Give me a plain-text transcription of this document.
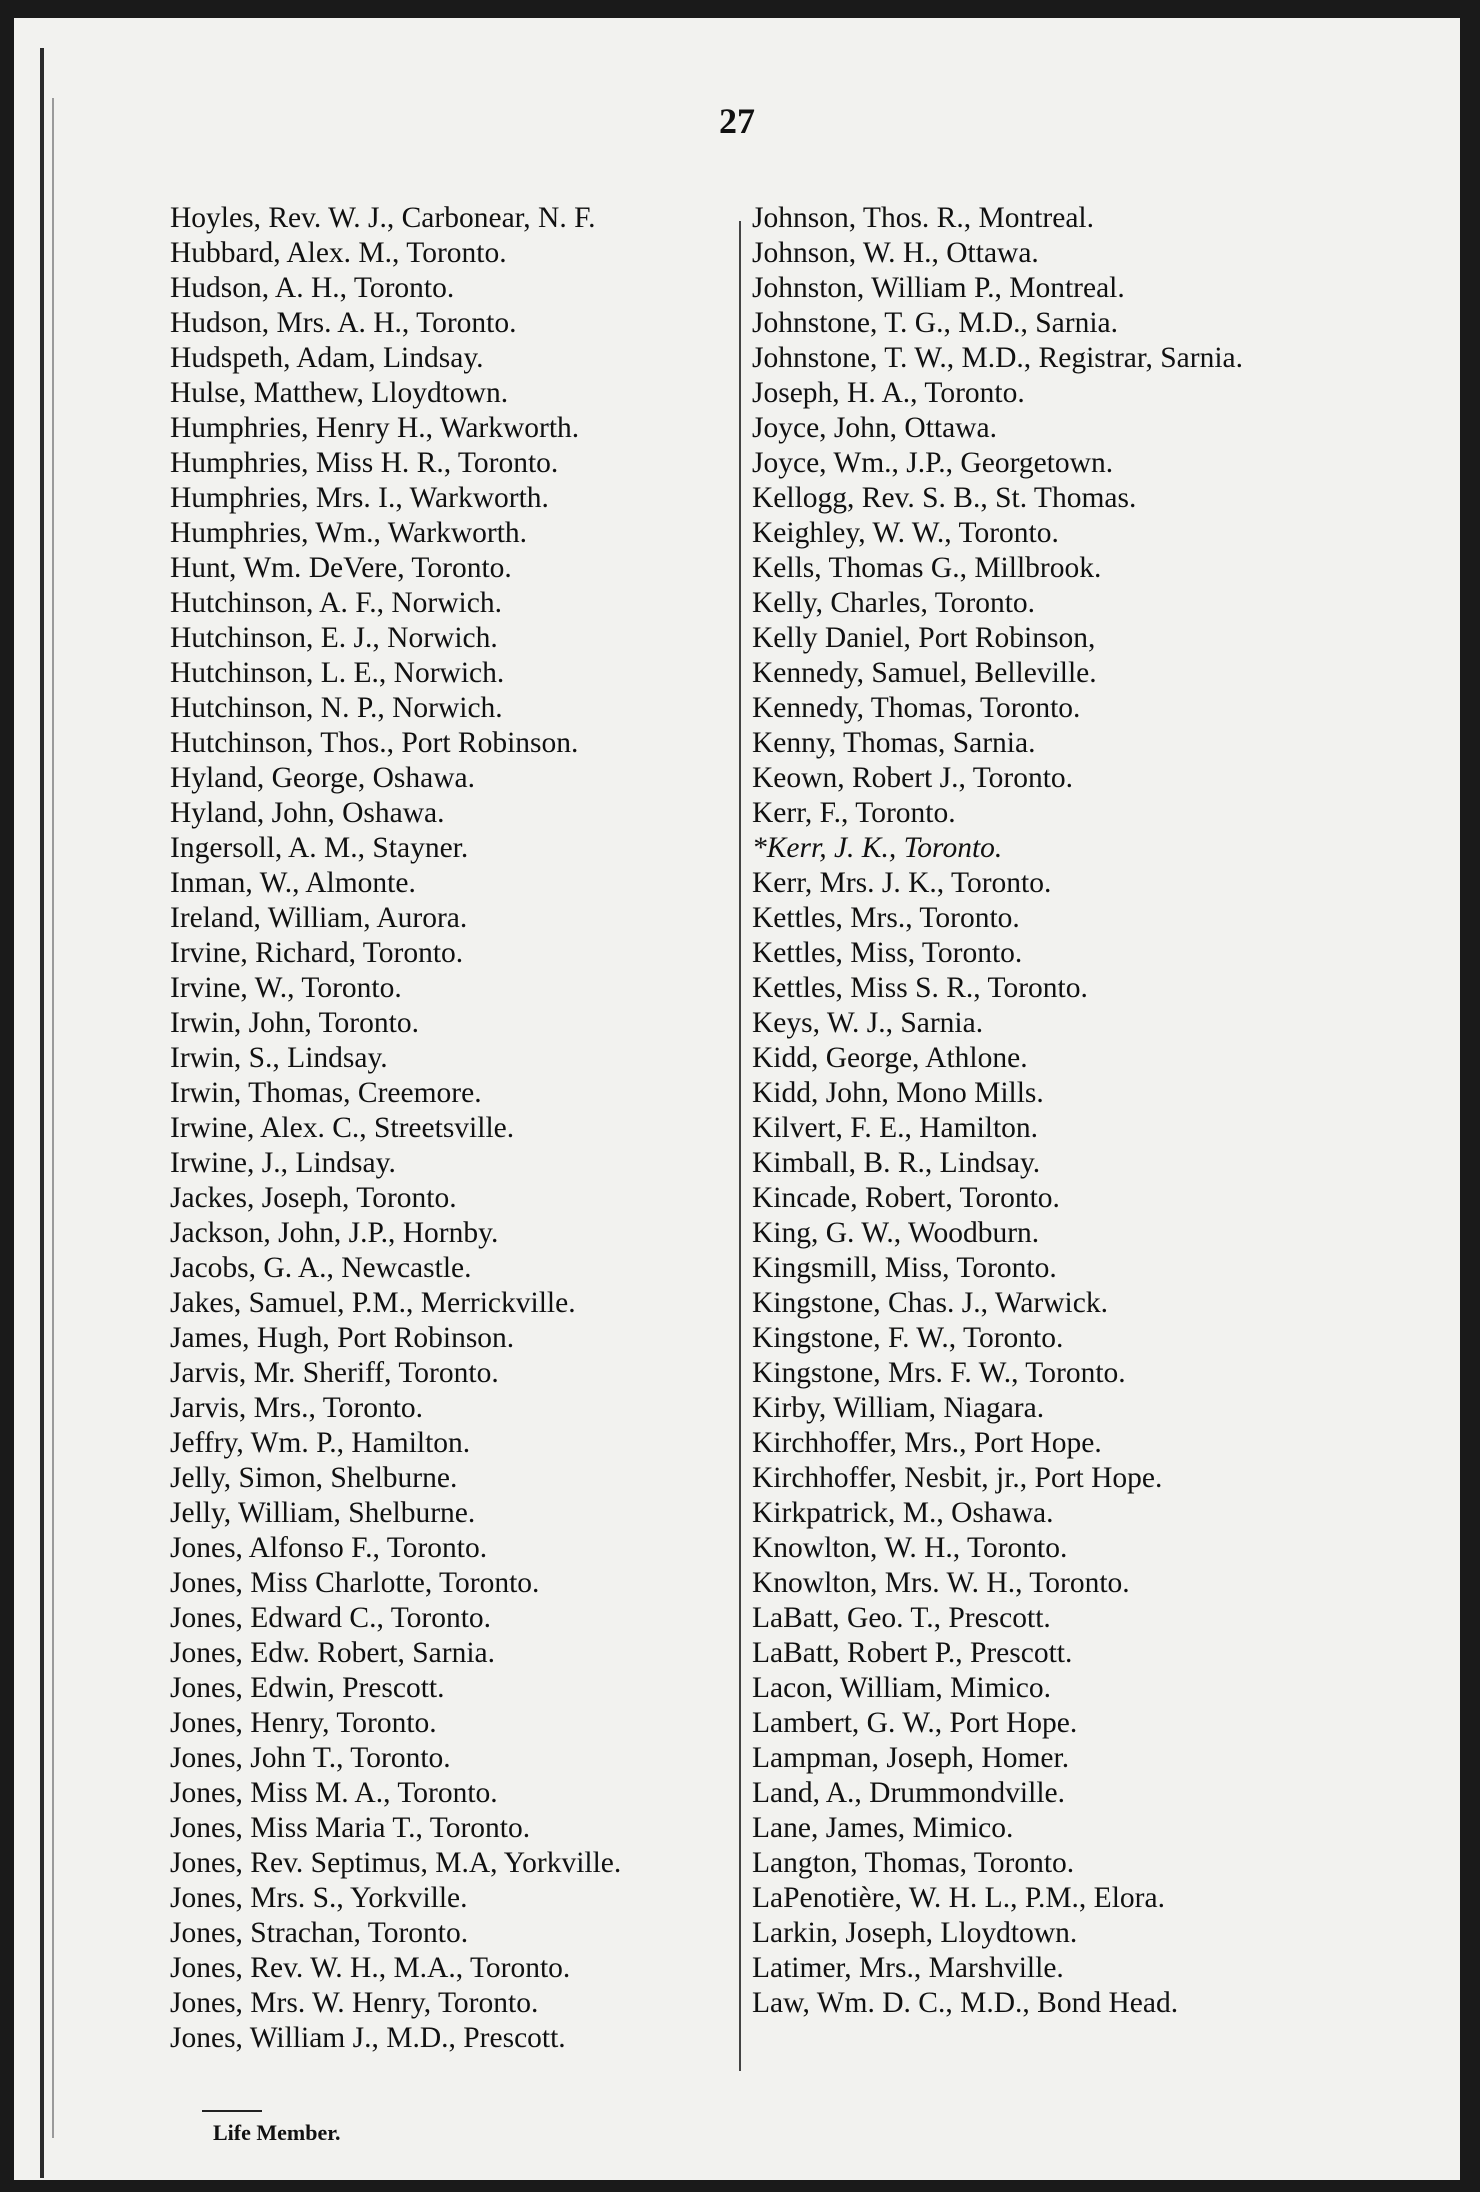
27
Hoyles, Rev. W. J., Carbonear, N. F.
Hubbard, Alex. M., Toronto.
Hudson, A. H., Toronto.
Hudson, Mrs. A. H., Toronto.
Hudspeth, Adam, Lindsay.
Hulse, Matthew, Lloydtown.
Humphries, Henry H., Warkworth.
Humphries, Miss H. R., Toronto.
Humphries, Mrs. I., Warkworth.
Humphries, Wm., Warkworth.
Hunt, Wm. DeVere, Toronto.
Hutchinson, A. F., Norwich.
Hutchinson, E. J., Norwich.
Hutchinson, L. E., Norwich.
Hutchinson, N. P., Norwich.
Hutchinson, Thos., Port Robinson.
Hyland, George, Oshawa.
Hyland, John, Oshawa.
Ingersoll, A. M., Stayner.
Inman, W., Almonte.
Ireland, William, Aurora.
Irvine, Richard, Toronto.
Irvine, W., Toronto.
Irwin, John, Toronto.
Irwin, S., Lindsay.
Irwin, Thomas, Creemore.
Irwine, Alex. C., Streetsville.
Irwine, J., Lindsay.
Jackes, Joseph, Toronto.
Jackson, John, J.P., Hornby.
Jacobs, G. A., Newcastle.
Jakes, Samuel, P.M., Merrickville.
James, Hugh, Port Robinson.
Jarvis, Mr. Sheriff, Toronto.
Jarvis, Mrs., Toronto.
Jeffry, Wm. P., Hamilton.
Jelly, Simon, Shelburne.
Jelly, William, Shelburne.
Jones, Alfonso F., Toronto.
Jones, Miss Charlotte, Toronto.
Jones, Edward C., Toronto.
Jones, Edw. Robert, Sarnia.
Jones, Edwin, Prescott.
Jones, Henry, Toronto.
Jones, John T., Toronto.
Jones, Miss M. A., Toronto.
Jones, Miss Maria T., Toronto.
Jones, Rev. Septimus, M.A, Yorkville.
Jones, Mrs. S., Yorkville.
Jones, Strachan, Toronto.
Jones, Rev. W. H., M.A., Toronto.
Jones, Mrs. W. Henry, Toronto.
Jones, William J., M.D., Prescott.
Johnson, Thos. R., Montreal.
Johnson, W. H., Ottawa.
Johnston, William P., Montreal.
Johnstone, T. G., M.D., Sarnia.
Johnstone, T. W., M.D., Registrar, Sarnia.
Joseph, H. A., Toronto.
Joyce, John, Ottawa.
Joyce, Wm., J.P., Georgetown.
Kellogg, Rev. S. B., St. Thomas.
Keighley, W. W., Toronto.
Kells, Thomas G., Millbrook.
Kelly, Charles, Toronto.
Kelly Daniel, Port Robinson,
Kennedy, Samuel, Belleville.
Kennedy, Thomas, Toronto.
Kenny, Thomas, Sarnia.
Keown, Robert J., Toronto.
Kerr, F., Toronto.
*Kerr, J. K., Toronto.
Kerr, Mrs. J. K., Toronto.
Kettles, Mrs., Toronto.
Kettles, Miss, Toronto.
Kettles, Miss S. R., Toronto.
Keys, W. J., Sarnia.
Kidd, George, Athlone.
Kidd, John, Mono Mills.
Kilvert, F. E., Hamilton.
Kimball, B. R., Lindsay.
Kincade, Robert, Toronto.
King, G. W., Woodburn.
Kingsmill, Miss, Toronto.
Kingstone, Chas. J., Warwick.
Kingstone, F. W., Toronto.
Kingstone, Mrs. F. W., Toronto.
Kirby, William, Niagara.
Kirchhoffer, Mrs., Port Hope.
Kirchhoffer, Nesbit, jr., Port Hope.
Kirkpatrick, M., Oshawa.
Knowlton, W. H., Toronto.
Knowlton, Mrs. W. H., Toronto.
LaBatt, Geo. T., Prescott.
LaBatt, Robert P., Prescott.
Lacon, William, Mimico.
Lambert, G. W., Port Hope.
Lampman, Joseph, Homer.
Land, A., Drummondville.
Lane, James, Mimico.
Langton, Thomas, Toronto.
LaPenotière, W. H. L., P.M., Elora.
Larkin, Joseph, Lloydtown.
Latimer, Mrs., Marshville.
Law, Wm. D. C., M.D., Bond Head.
Life Member.
